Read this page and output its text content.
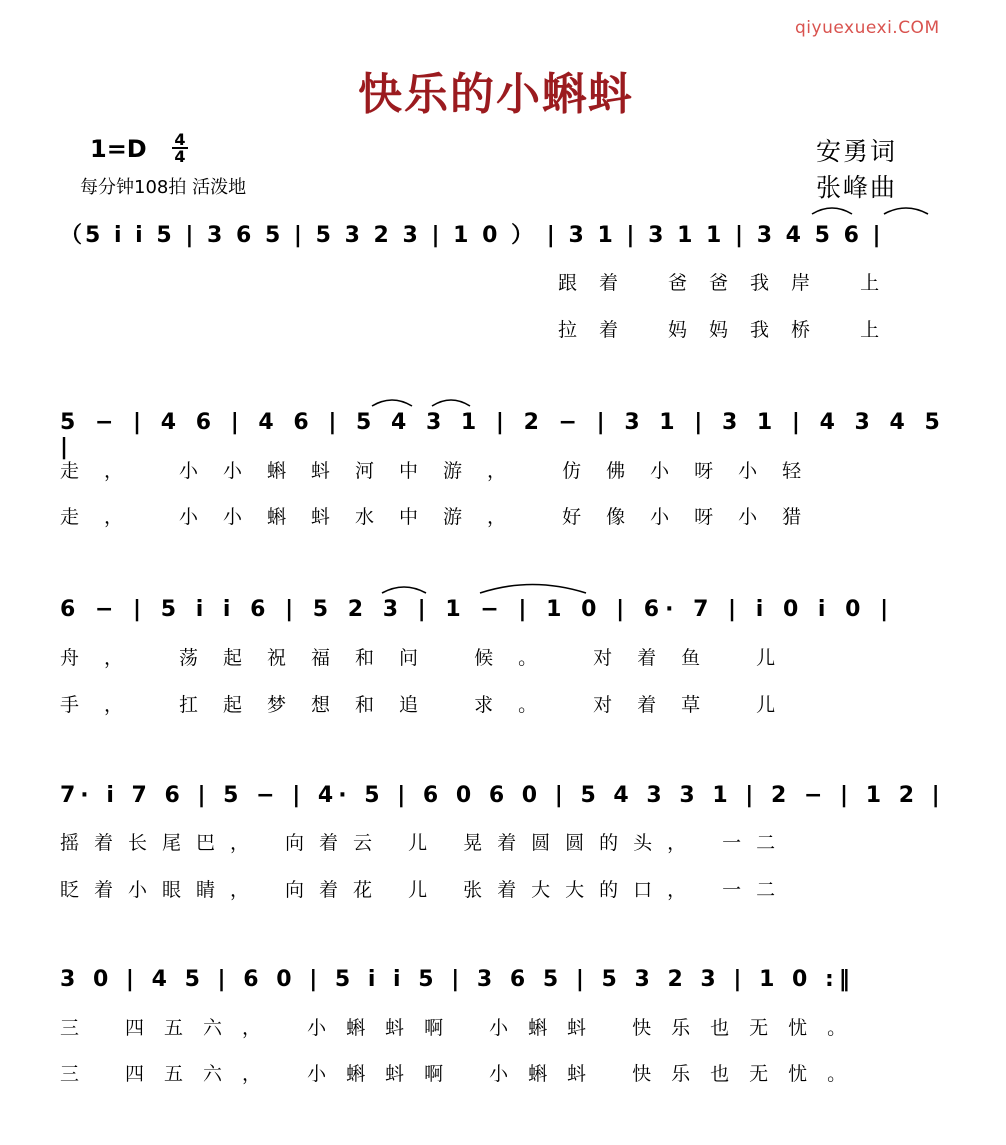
qiyuexuexi.COM
快乐的小蝌蚪
1=D 4
4
每分钟108拍 活泼地
安勇词
张峰曲
（5 i i 5 | 3 6 5 | 5 3 2 3 | 1 0 ） | 3 1 | 3 1 1 | 3 4 5 6 |
跟着 爸爸我岸 上
拉着 妈妈我桥 上
5 − | 4 6 | 4 6 | 5 4 3 1 | 2 − | 3 1 | 3 1 | 4 3 4 5 |
走， 小小蝌蚪河中游， 仿佛小呀小轻
走， 小小蝌蚪水中游， 好像小呀小猎
6 − | 5 i i 6 | 5 2 3 | 1 − | 1 0 | 6· 7 | i 0 i 0 |
舟， 荡起祝福和问 候。 对着鱼 儿
手， 扛起梦想和追 求。 对着草 儿
7· i 7 6 | 5 − | 4· 5 | 6 0 6 0 | 5 4 3 3 1 | 2 − | 1 2 |
摇着长尾巴， 向着云 儿 晃着圆圆的头， 一二
眨着小眼睛， 向着花 儿 张着大大的口， 一二
3 0 | 4 5 | 6 0 | 5 i i 5 | 3 6 5 | 5 3 2 3 | 1 0 :‖
三 四五六， 小蝌蚪啊 小蝌蚪 快乐也无忧。
三 四五六， 小蝌蚪啊 小蝌蚪 快乐也无忧。
